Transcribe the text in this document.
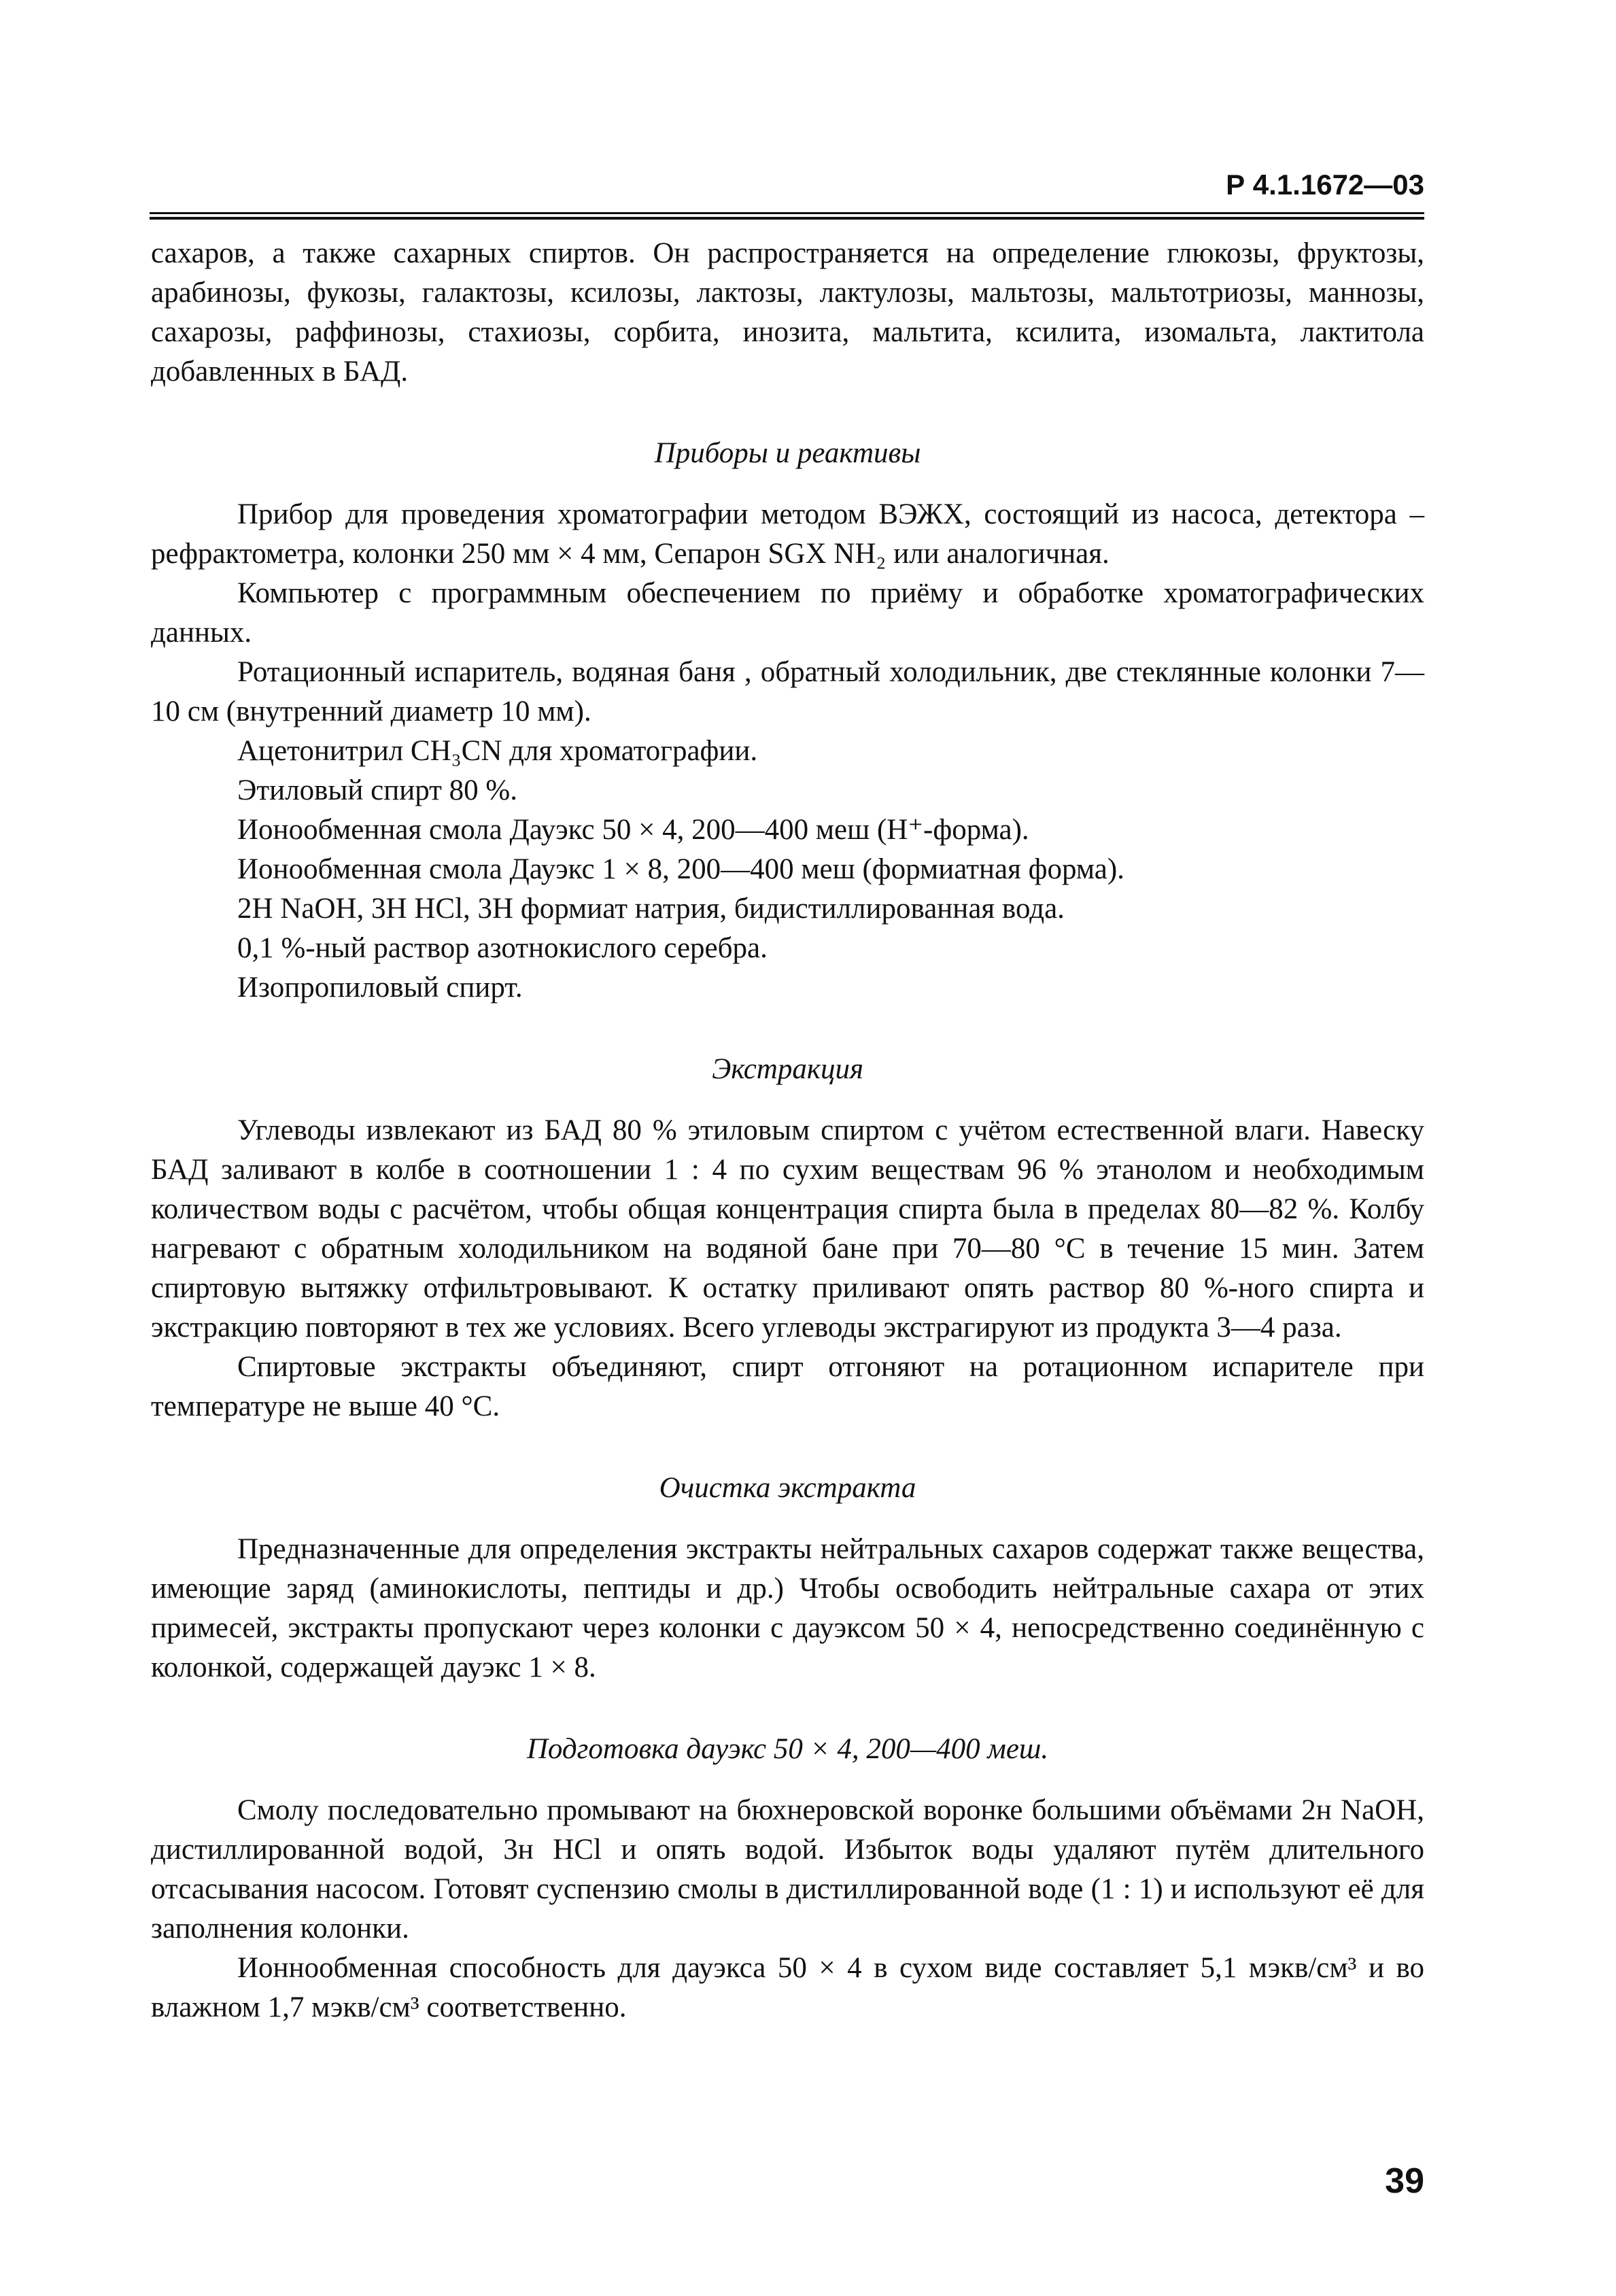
Р 4.1.1672—03

сахаров, а также сахарных спиртов. Он распространяется на определение глюкозы, фруктозы, арабинозы, фукозы, галактозы, ксилозы, лактозы, лактулозы, мальтозы, мальтотриозы, маннозы, сахарозы, раффинозы, стахиозы, сорбита, инозита, мальтита, ксилита, изомальта, лактитола добавленных в БАД.

Приборы и реактивы

Прибор для проведения хроматографии методом ВЭЖХ, состоящий из насоса, детектора – рефрактометра, колонки 250 мм × 4 мм, Сепарон SGX NH₂ или аналогичная.

Компьютер с программным обеспечением по приёму и обработке хроматографических данных.

Ротационный испаритель, водяная баня , обратный холодильник, две стеклянные колонки 7—10 см (внутренний диаметр 10 мм).

Ацетонитрил CH₃CN для хроматографии.

Этиловый спирт 80 %.

Ионообменная смола Дауэкс 50 × 4, 200—400 меш (H⁺-форма).

Ионообменная смола Дауэкс 1 × 8, 200—400 меш (формиатная форма).

2Н NaOH, 3Н HCl, 3Н формиат натрия, бидистиллированная вода.

0,1 %-ный раствор азотнокислого серебра.

Изопропиловый спирт.

Экстракция

Углеводы извлекают из БАД 80 % этиловым спиртом с учётом естественной влаги. Навеску БАД заливают в колбе в соотношении 1 : 4 по сухим веществам 96 % этанолом и необходимым количеством воды с расчётом, чтобы общая концентрация спирта была в пределах 80—82 %. Колбу нагревают с обратным холодильником на водяной бане при 70—80 °С в течение 15 мин. Затем спиртовую вытяжку отфильтровывают. К остатку приливают опять раствор 80 %-ного спирта и экстракцию повторяют в тех же условиях. Всего углеводы экстрагируют из продукта 3—4 раза.

Спиртовые экстракты объединяют, спирт отгоняют на ротационном испарителе при температуре не выше 40 °С.

Очистка экстракта

Предназначенные для определения экстракты нейтральных сахаров содержат также вещества, имеющие заряд (аминокислоты, пептиды и др.) Чтобы освободить нейтральные сахара от этих примесей, экстракты пропускают через колонки с дауэксом 50 × 4, непосредственно соединённую с колонкой, содержащей дауэкс 1 × 8.

Подготовка дауэкс 50 × 4, 200—400 меш.

Смолу последовательно промывают на бюхнеровской воронке большими объёмами 2н NaOH, дистиллированной водой, 3н HCl и опять водой. Избыток воды удаляют путём длительного отсасывания насосом. Готовят суспензию смолы в дистиллированной воде (1 : 1) и используют её для заполнения колонки.

Ионнообменная способность для дауэкса 50 × 4 в сухом виде составляет 5,1 мэкв/см³ и во влажном 1,7 мэкв/см³ соответственно.

39
